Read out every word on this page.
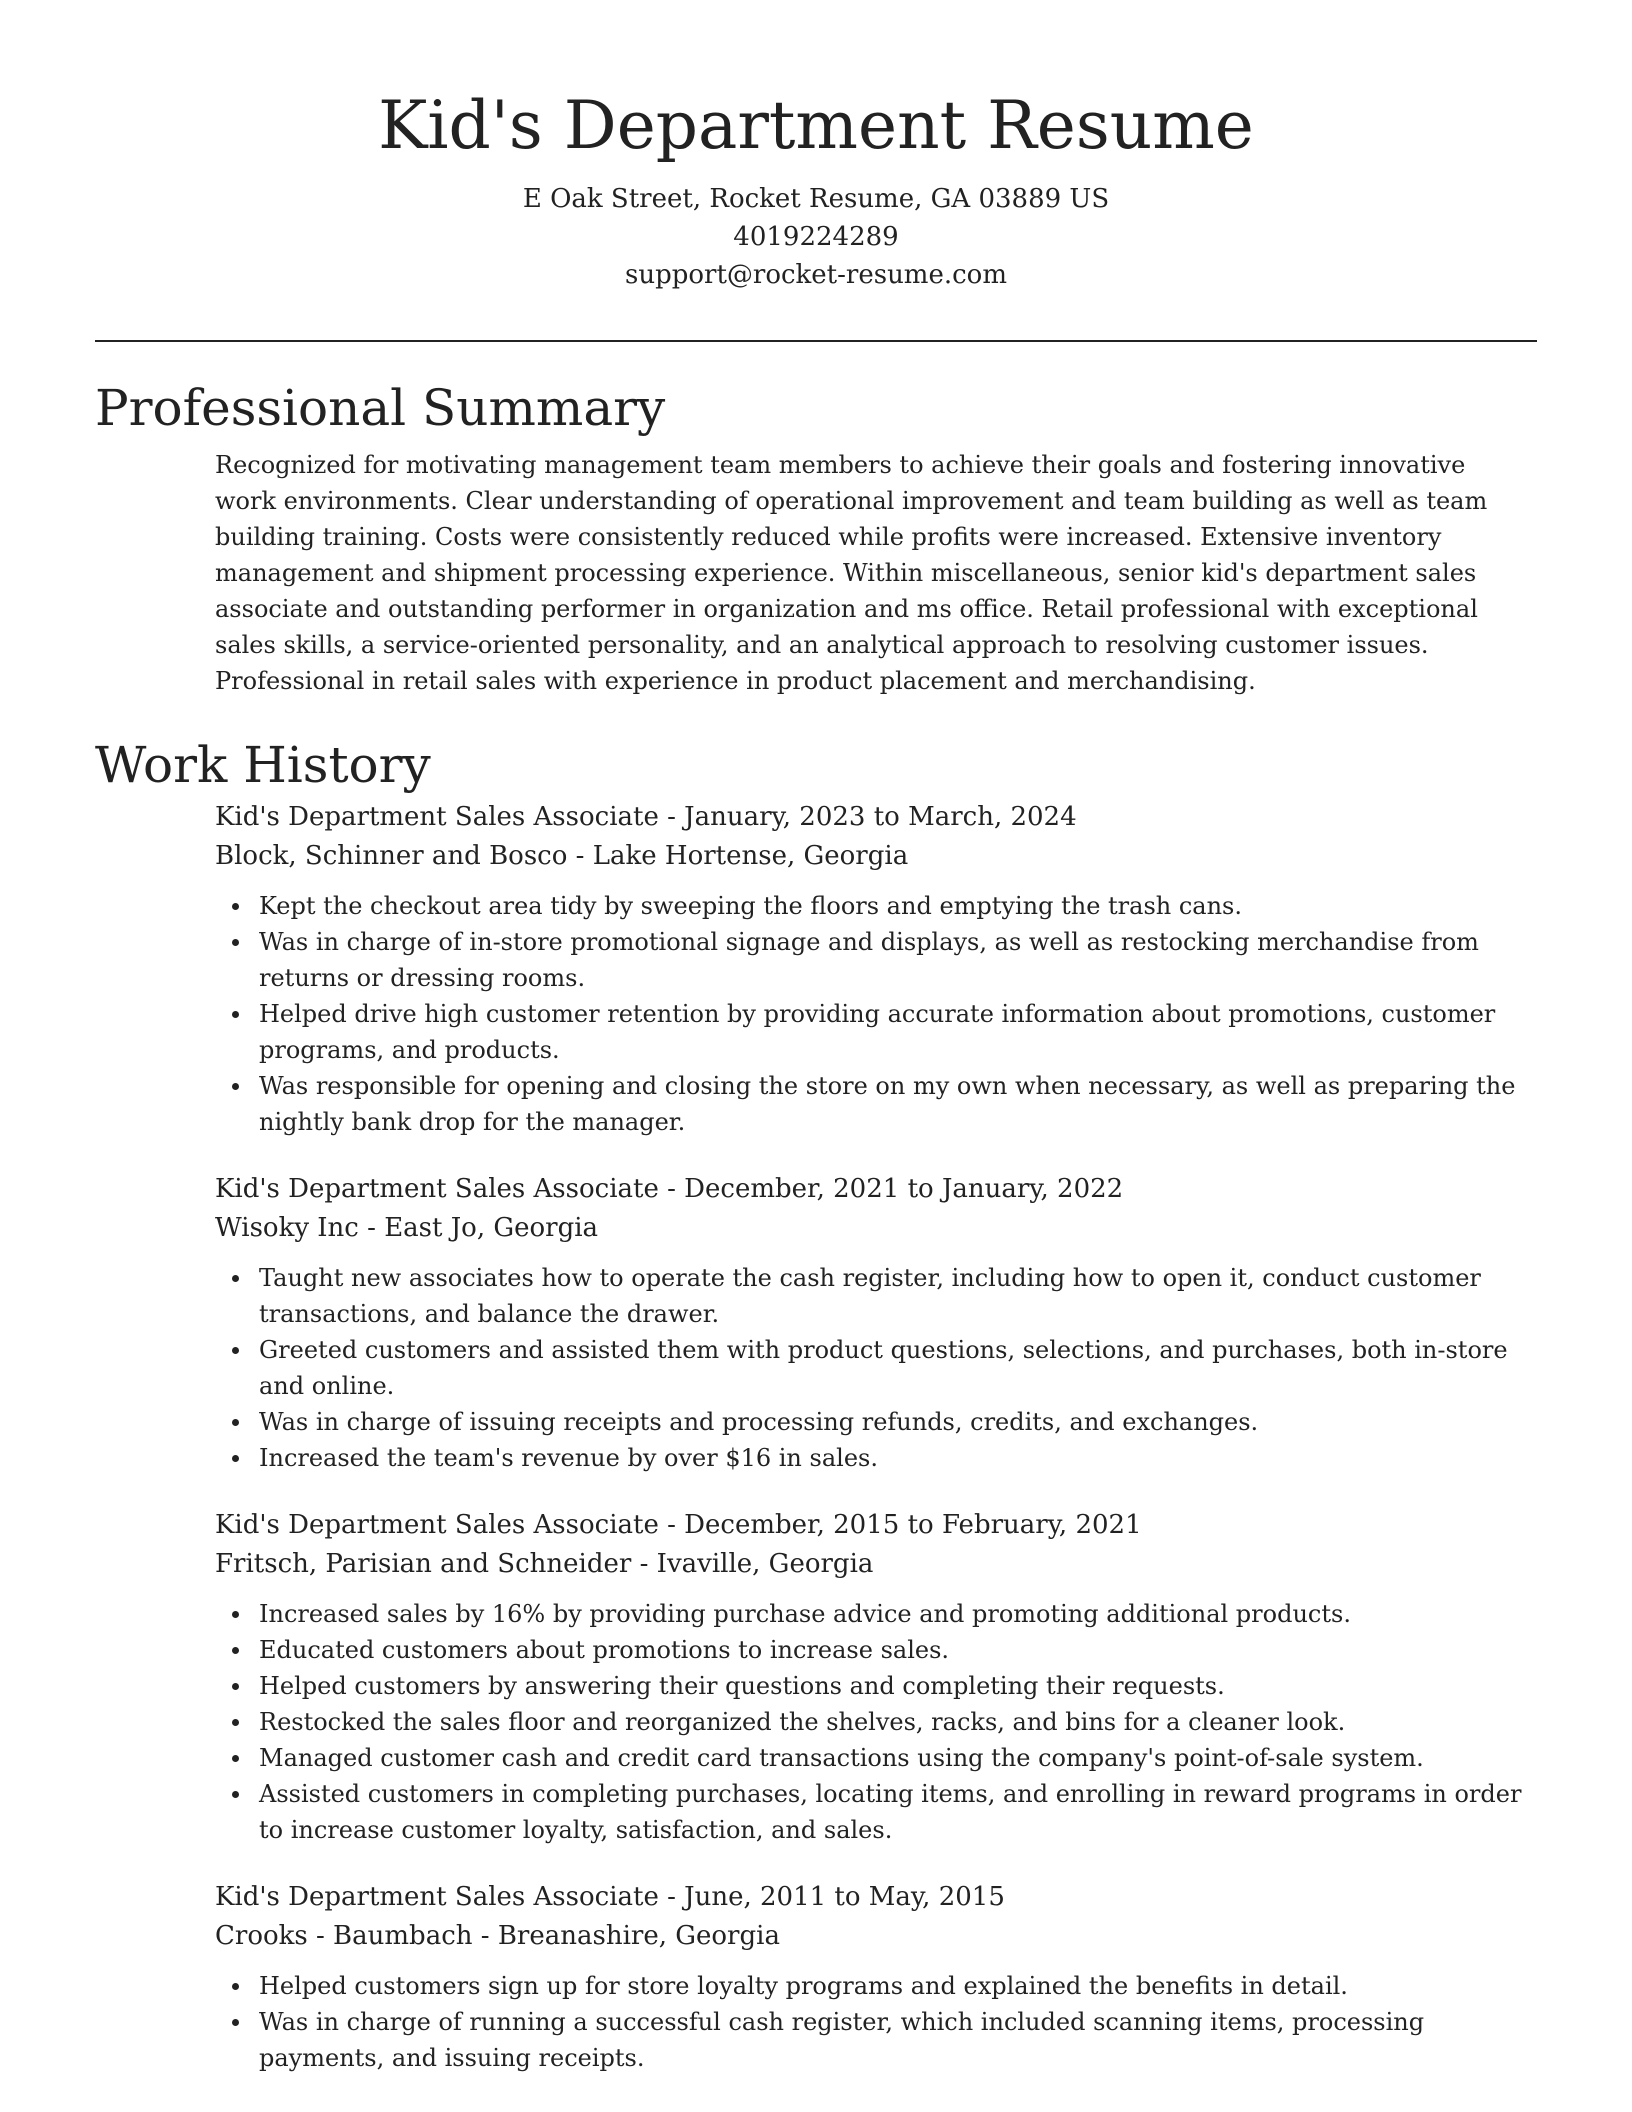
Kid's Department Resume

E Oak Street, Rocket Resume, GA 03889 US

4019224289

support@rocket-resume.com

Professional Summary

Recognized for motivating management team members to achieve their goals and fostering innovative work environments. Clear understanding of operational improvement and team building as well as team building training. Costs were consistently reduced while profits were increased. Extensive inventory management and shipment processing experience. Within miscellaneous, senior kid's department sales associate and outstanding performer in organization and ms office. Retail professional with exceptional sales skills, a service-oriented personality, and an analytical approach to resolving customer issues. Professional in retail sales with experience in product placement and merchandising.

Work History

Kid's Department Sales Associate - January, 2023 to March, 2024

Block, Schinner and Bosco - Lake Hortense, Georgia

Kept the checkout area tidy by sweeping the floors and emptying the trash cans.
Was in charge of in-store promotional signage and displays, as well as restocking merchandise from returns or dressing rooms.
Helped drive high customer retention by providing accurate information about promotions, customer programs, and products.
Was responsible for opening and closing the store on my own when necessary, as well as preparing the nightly bank drop for the manager.

Kid's Department Sales Associate - December, 2021 to January, 2022

Wisoky Inc - East Jo, Georgia

Taught new associates how to operate the cash register, including how to open it, conduct customer transactions, and balance the drawer.
Greeted customers and assisted them with product questions, selections, and purchases, both in-store and online.
Was in charge of issuing receipts and processing refunds, credits, and exchanges.
Increased the team's revenue by over $16 in sales.

Kid's Department Sales Associate - December, 2015 to February, 2021

Fritsch, Parisian and Schneider - Ivaville, Georgia

Increased sales by 16% by providing purchase advice and promoting additional products.
Educated customers about promotions to increase sales.
Helped customers by answering their questions and completing their requests.
Restocked the sales floor and reorganized the shelves, racks, and bins for a cleaner look.
Managed customer cash and credit card transactions using the company's point-of-sale system.
Assisted customers in completing purchases, locating items, and enrolling in reward programs in order to increase customer loyalty, satisfaction, and sales.

Kid's Department Sales Associate - June, 2011 to May, 2015

Crooks - Baumbach - Breanashire, Georgia

Helped customers sign up for store loyalty programs and explained the benefits in detail.
Was in charge of running a successful cash register, which included scanning items, processing payments, and issuing receipts.
